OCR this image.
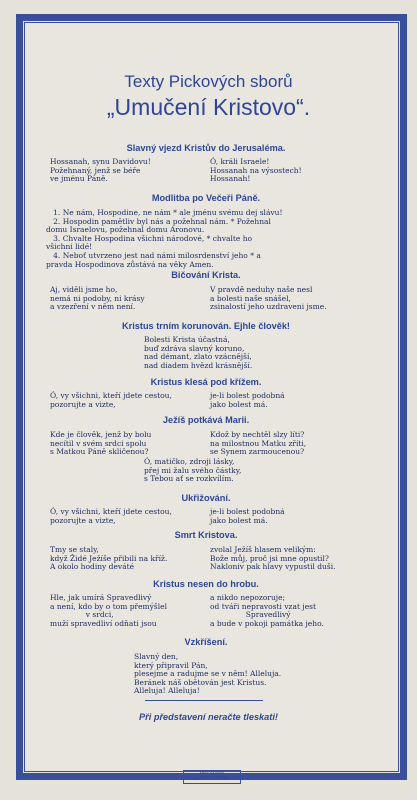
Texty Pickových sborů
„Umučení Kristovo“.
Slavný vjezd Kristův do Jerusaléma.
Hossanah, synu Davidovu!
Požehnaný, jenž se béře
ve jménu Páně.
Ó, králi Israele!
Hossanah na výsostech!
Hossanah!
Modlitba po Večeři Páně.
1. Ne nám, Hospodine, ne nám * ale jménu svému dej slávu!
2. Hospodin pamětliv byl nás a požehnal nám. * Požehnal
domu Israelovu, požehnal domu Aronovu.
3. Chvalte Hospodina všichni národové, * chvalte ho
všichni lidé!
4. Neboť utvrzeno jest nad námi milosrdenství jeho * a
pravda Hospodinova zůstává na věky Amen.
Bičování Krista.
Aj, viděli jsme ho,
nemá ni podoby, ni krásy
a vzezření v něm není.
V pravdě neduhy naše nesl
a bolesti naše snášel,
zsinalostí jeho uzdraveni jsme.
Kristus trním korunován. Ejhle člověk!
Bolesti Krista účastná,
buď zdráva slavný koruno,
nad démant, zlato vzácnější,
nad diadem hvězd krásnější.
Kristus klesá pod křížem.
Ó, vy všichni, kteří jdete cestou,
pozorujte a vizte,
je-li bolest podobná
jako bolest má.
Ježíš potkává Marii.
Kde je člověk, jenž by bolu
necítil v svém srdci spolu
s Matkou Páně skličenou?
Kdož by nechtěl slzy líti?
na milostnou Matku zříti,
se Synem zarmoucenou?
Ó, matičko, zdroji lásky,
přej mi žalu svého částky,
s Tebou ať se rozkvílím.
Ukřižování.
Ó, vy všichni, kteří jdete cestou,
pozorujte a vizte,
je-li bolest podobná
jako bolest má.
Smrt Kristova.
Tmy se staly,
když Židé Ježíše přibili na kříž.
A okolo hodiny deváté
zvolal Ježíš hlasem velikým:
Bože můj, proč jsi mne opustil?
Nakloniv pak hlavy vypustil duši.
Kristus nesen do hrobu.
Hle, jak umírá Spravedlivý
a není, kdo by o tom přemýšlel
v srdci,
muží spravedliví odňati jsou
a nikdo nepozoruje;
od tváři nepravosti vzat jest
Spravedlivý
a bude v pokoji památka jeho.
Vzkříšení.
Slavný den,
který připravil Pán,
plesejme a radujme se v něm! Alleluja.
Beránek náš obětován jest Kristus.
Alleluja! Alleluja!
Při představení neračte tleskati!
KNIHTISKÁRNA
B. STIBOR & ZÁRUBA
